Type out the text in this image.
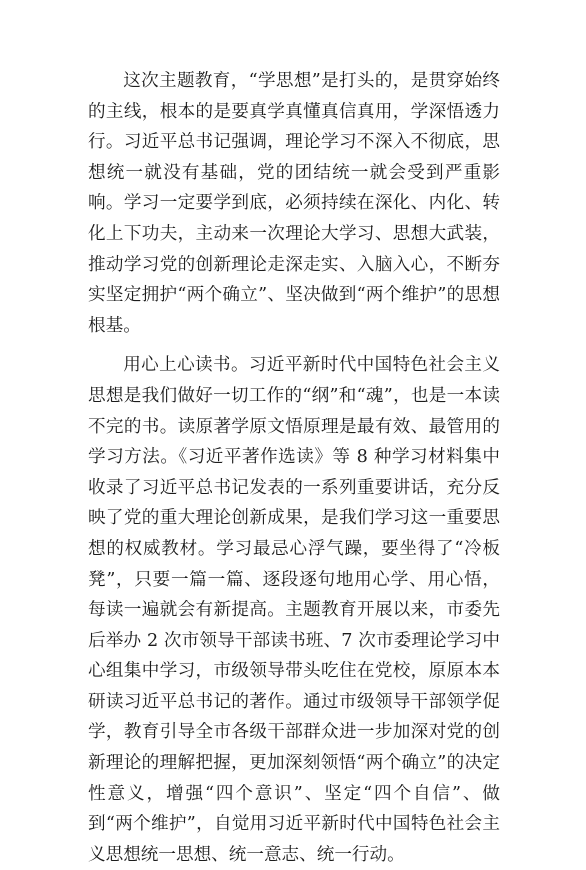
这次主题教育，“学思想”是打头的，是贯穿始终的主线，根本的是要真学真懂真信真用，学深悟透力行。习近平总书记强调，理论学习不深入不彻底，思想统一就没有基础，党的团结统一就会受到严重影响。学习一定要学到底，必须持续在深化、内化、转化上下功夫，主动来一次理论大学习、思想大武装，推动学习党的创新理论走深走实、入脑入心，不断夯实坚定拥护“两个确立”、坚决做到“两个维护”的思想根基。

用心上心读书。习近平新时代中国特色社会主义思想是我们做好一切工作的“纲”和“魂”，也是一本读不完的书。读原著学原文悟原理是最有效、最管用的学习方法。《习近平著作选读》等 8 种学习材料集中收录了习近平总书记发表的一系列重要讲话，充分反映了党的重大理论创新成果，是我们学习这一重要思想的权威教材。学习最忌心浮气躁，要坐得了“冷板凳”，只要一篇一篇、逐段逐句地用心学、用心悟，每读一遍就会有新提高。主题教育开展以来，市委先后举办 2 次市领导干部读书班、7 次市委理论学习中心组集中学习，市级领导带头吃住在党校，原原本本研读习近平总书记的著作。通过市级领导干部领学促学，教育引导全市各级干部群众进一步加深对党的创新理论的理解把握，更加深刻领悟“两个确立”的决定性意义，增强“四个意识”、坚定“四个自信”、做到“两个维护”，自觉用习近平新时代中国特色社会主义思想统一思想、统一意志、统一行动。
